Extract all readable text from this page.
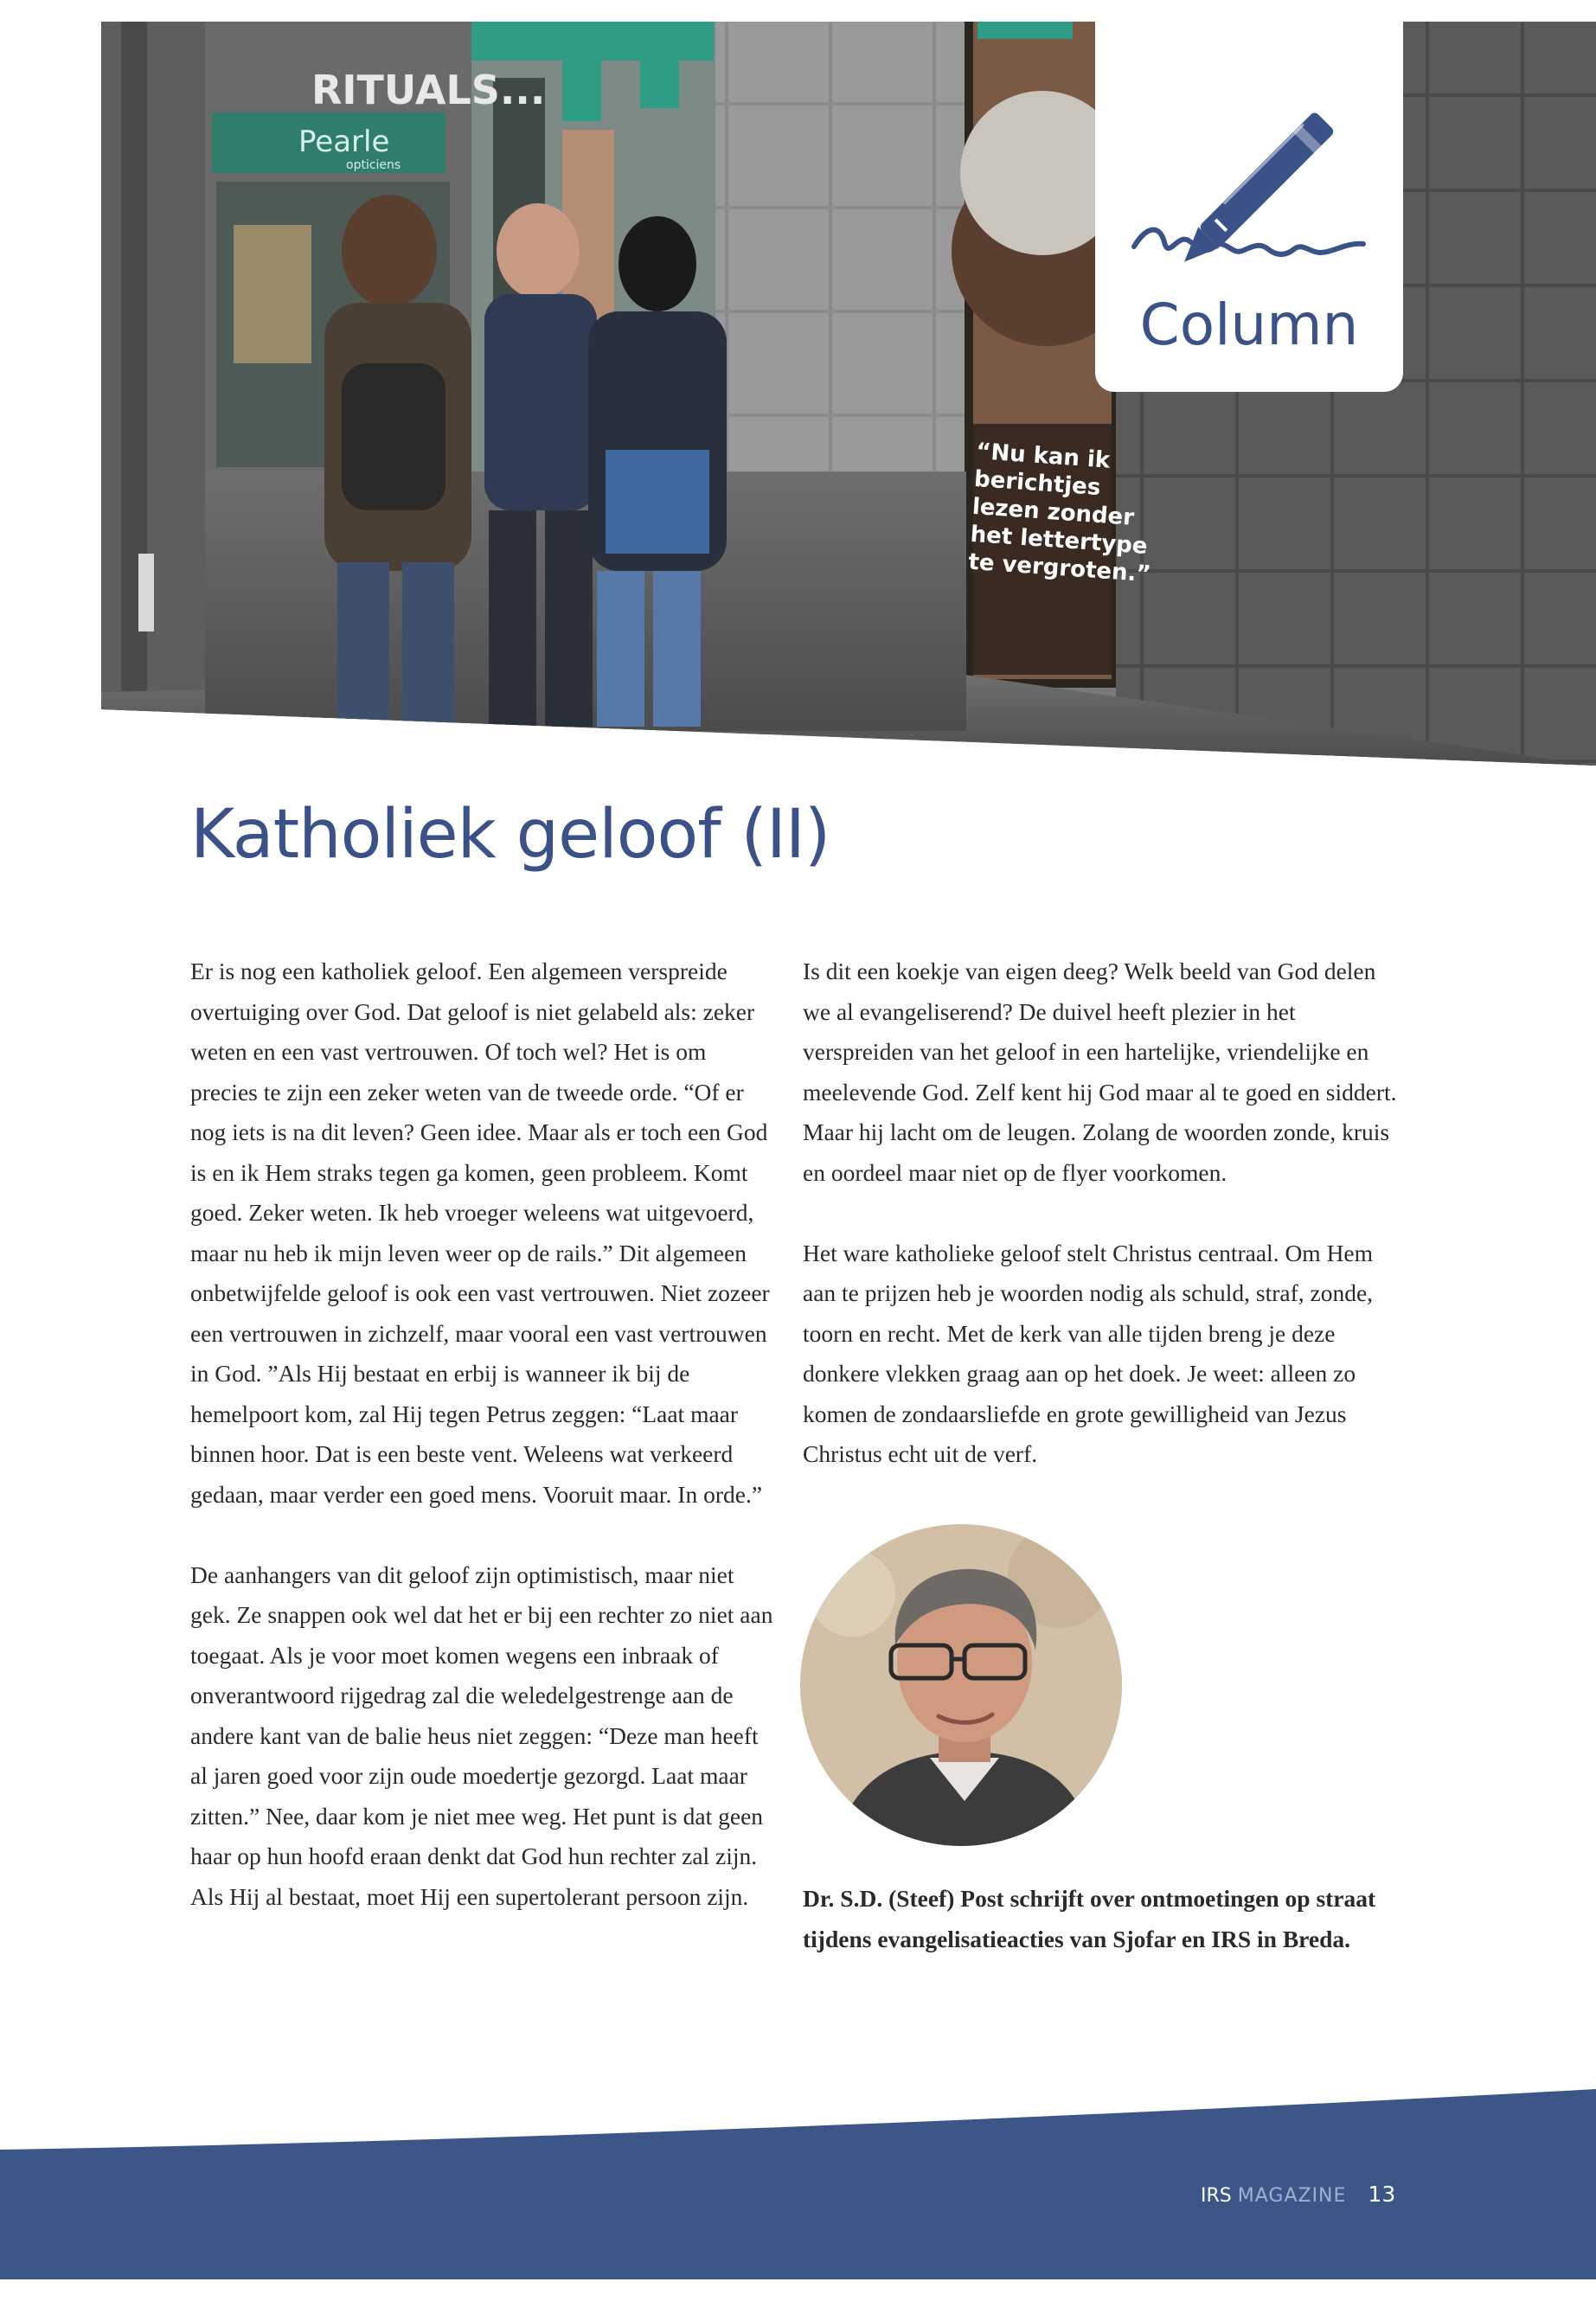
RITUALS...
Pearle
opticiens
“Nu kan ik
berichtjes
lezen zonder
het lettertype
te vergroten.”
Column
Katholiek geloof (II)

Er is nog een katholiek geloof. Een algemeen verspreide overtuiging over God. Dat geloof is niet gelabeld als: zeker weten en een vast vertrouwen. Of toch wel? Het is om precies te zijn een zeker weten van de tweede orde. “Of er nog iets is na dit leven? Geen idee. Maar als er toch een God is en ik Hem straks tegen ga komen, geen probleem. Komt goed. Zeker weten. Ik heb vroeger weleens wat uitgevoerd, maar nu heb ik mijn leven weer op de rails.” Dit algemeen onbetwijfelde geloof is ook een vast vertrouwen. Niet zozeer een vertrouwen in zichzelf, maar vooral een vast vertrouwen in God. ”Als Hij bestaat en erbij is wanneer ik bij de hemelpoort kom, zal Hij tegen Petrus zeggen: “Laat maar binnen hoor. Dat is een beste vent. Weleens wat verkeerd gedaan, maar verder een goed mens. Vooruit maar. In orde.”

De aanhangers van dit geloof zijn optimistisch, maar niet gek. Ze snappen ook wel dat het er bij een rechter zo niet aan toegaat. Als je voor moet komen wegens een inbraak of onverantwoord rijgedrag zal die weledelgestrenge aan de andere kant van de balie heus niet zeggen: “Deze man heeft al jaren goed voor zijn oude moedertje gezorgd. Laat maar zitten.” Nee, daar kom je niet mee weg. Het punt is dat geen haar op hun hoofd eraan denkt dat God hun rechter zal zijn. Als Hij al bestaat, moet Hij een supertolerant persoon zijn.

Is dit een koekje van eigen deeg? Welk beeld van God delen we al evangeliserend? De duivel heeft plezier in het verspreiden van het geloof in een hartelijke, vriendelijke en meelevende God. Zelf kent hij God maar al te goed en siddert. Maar hij lacht om de leugen. Zolang de woorden zonde, kruis en oordeel maar niet op de flyer voorkomen.

Het ware katholieke geloof stelt Christus centraal. Om Hem aan te prijzen heb je woorden nodig als schuld, straf, zonde, toorn en recht. Met de kerk van alle tijden breng je deze donkere vlekken graag aan op het doek. Je weet: alleen zo komen de zondaarsliefde en grote gewilligheid van Jezus Christus echt uit de verf.

Dr. S.D. (Steef) Post schrijft over ontmoetingen op straat tijdens evangelisatieacties van Sjofar en IRS in Breda.
IRS MAGAZINE 13
